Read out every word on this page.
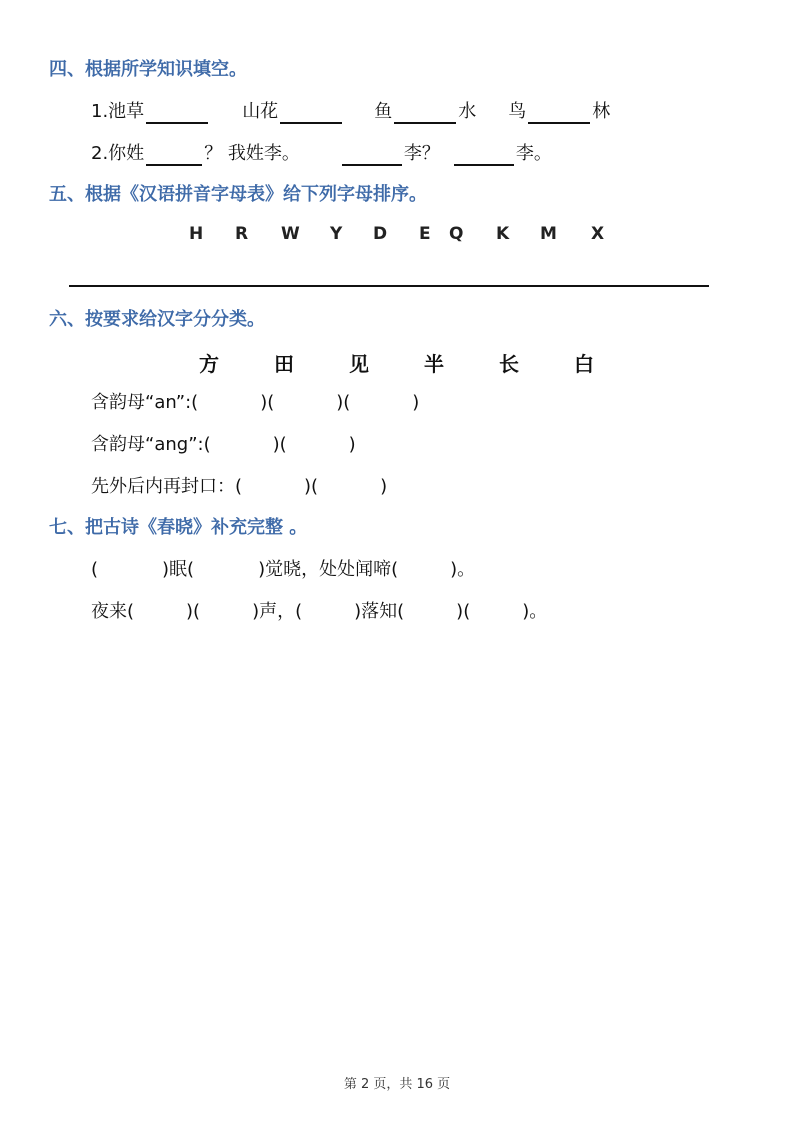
四、根据所学知识填空。
1.池草	山花	鱼	水 鸟	林
2.你姓	？ 我姓李。	李？	李。
五、根据《汉语拼音字母表》给下列字母排序。
H R W Y D E Q K M X
六、按要求给汉字分分类。
方	田	见	半	长	白
含韵母“an”:(	)(	)(	)
含韵母“ang”:(	)(	)
先外后内再封口：(	)(	)
七、把古诗《春晓》补充完整 。
(	)眠(	)觉晓，处处闻啼(	)。
夜来(	)(	)声，(	)落知(	)(	)。
第 2 页，共 16 页
